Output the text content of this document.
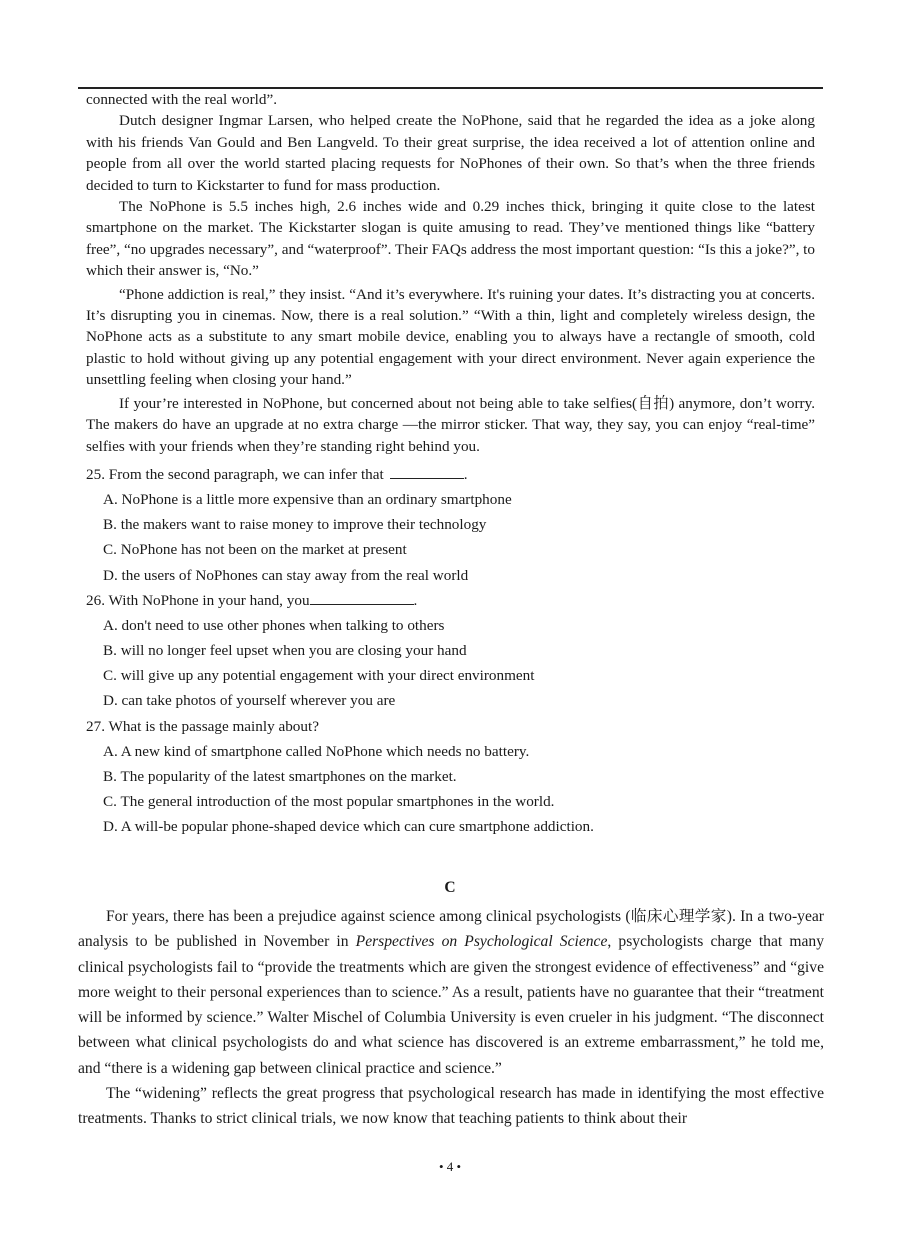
connected with the real world”.

Dutch designer Ingmar Larsen, who helped create the NoPhone, said that he regarded the idea as a joke along with his friends Van Gould and Ben Langveld. To their great surprise, the idea received a lot of attention online and people from all over the world started placing requests for NoPhones of their own. So that’s when the three friends decided to turn to Kickstarter to fund for mass production.

The NoPhone is 5.5 inches high, 2.6 inches wide and 0.29 inches thick, bringing it quite close to the latest smartphone on the market. The Kickstarter slogan is quite amusing to read. They’ve mentioned things like “battery free”, “no upgrades necessary”, and “waterproof”. Their FAQs address the most important question: “Is this a joke?”, to which their answer is, “No.”

“Phone addiction is real,” they insist. “And it’s everywhere. It's ruining your dates. It’s distracting you at concerts. It’s disrupting you in cinemas. Now, there is a real solution.” “With a thin, light and completely wireless design, the NoPhone acts as a substitute to any smart mobile device, enabling you to always have a rectangle of smooth, cold plastic to hold without giving up any potential engagement with your direct environment. Never again experience the unsettling feeling when closing your hand.”

If your’re interested in NoPhone, but concerned about not being able to take selfies(自拍) anymore, don’t worry. The makers do have an upgrade at no extra charge —the mirror sticker. That way, they say, you can enjoy “real-time” selfies with your friends when they’re standing right behind you.

25. From the second paragraph, we can infer that	.
A. NoPhone is a little more expensive than an ordinary smartphone
B. the makers want to raise money to improve their technology
C. NoPhone has not been on the market at present
D. the users of NoPhones can stay away from the real world
26. With NoPhone in your hand, you	.
A. don't need to use other phones when talking to others
B. will no longer feel upset when you are closing your hand
C. will give up any potential engagement with your direct environment
D. can take photos of yourself wherever you are
27. What is the passage mainly about?
A. A new kind of smartphone called NoPhone which needs no battery.
B. The popularity of the latest smartphones on the market.
C. The general introduction of the most popular smartphones in the world.
D. A will-be popular phone-shaped device which can cure smartphone addiction.
C

For years, there has been a prejudice against science among clinical psychologists (临床心理学家). In a two-year analysis to be published in November in Perspectives on Psychological Science, psychologists charge that many clinical psychologists fail to “provide the treatments which are given the strongest evidence of effectiveness” and “give more weight to their personal experiences than to science.” As a result, patients have no guarantee that their “treatment will be informed by science.” Walter Mischel of Columbia University is even crueler in his judgment. “The disconnect between what clinical psychologists do and what science has discovered is an extreme embarrassment,” he told me, and “there is a widening gap between clinical practice and science.”

The “widening” reflects the great progress that psychological research has made in identifying the most effective treatments. Thanks to strict clinical trials, we now know that teaching patients to think about their

• 4 •
